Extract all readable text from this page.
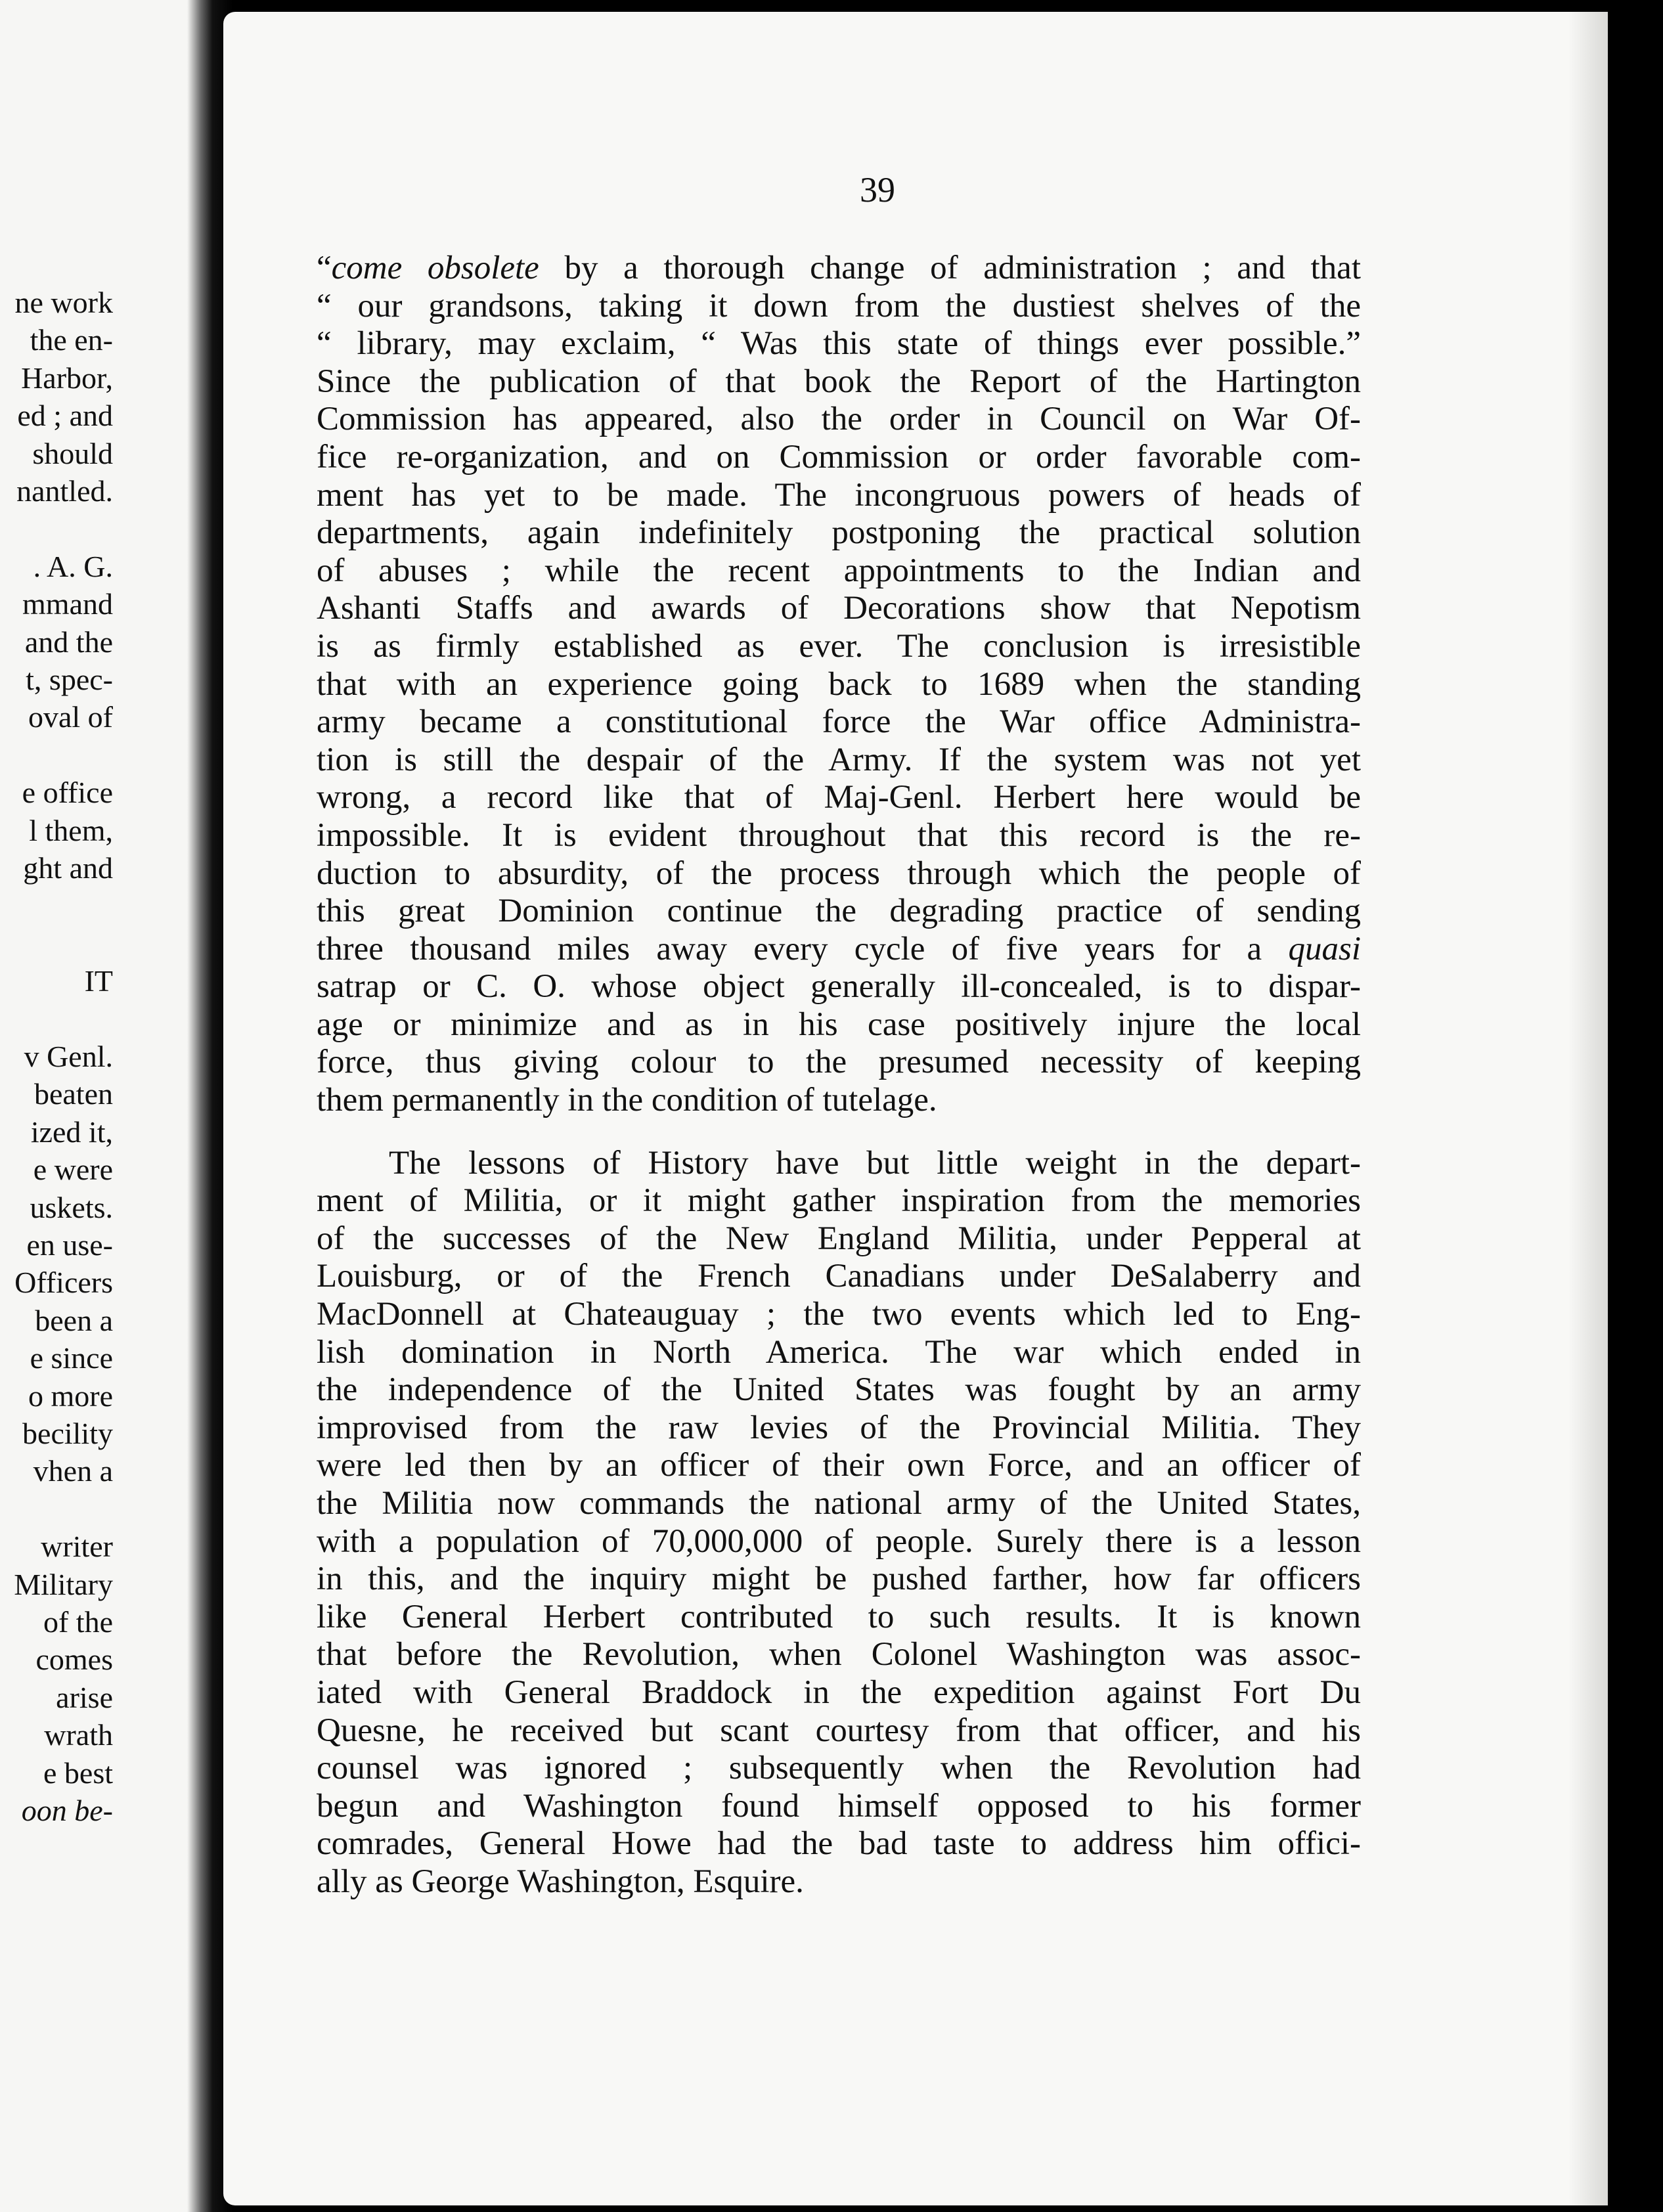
ne work
the en-
Harbor,
ed ; and
should
nantled.
. A. G.
mmand
and the
t, spec-
oval of
e office
l them,
ght and
IT
v Genl.
beaten
ized it,
e were
uskets.
en use-
Officers
been a
e since
o more
becility
vhen a
writer
Military
of the
comes
arise
wrath
e best
oon be-
39
“come obsolete by a thorough change of administration ; and that
“ our grandsons, taking it down from the dustiest shelves of the
“ library, may exclaim, “ Was this state of things ever possible.”
Since the publication of that book the Report of the Hartington
Commission has appeared, also the order in Council on War Of-
fice re-organization, and on Commission or order favorable com-
ment has yet to be made. The incongruous powers of heads of
departments, again indefinitely postponing the practical solution
of abuses ; while the recent appointments to the Indian and
Ashanti Staffs and awards of Decorations show that Nepotism
is as firmly established as ever. The conclusion is irresistible
that with an experience going back to 1689 when the standing
army became a constitutional force the War office Administra-
tion is still the despair of the Army. If the system was not yet
wrong, a record like that of Maj-Genl. Herbert here would be
impossible. It is evident throughout that this record is the re-
duction to absurdity, of the process through which the people of
this great Dominion continue the degrading practice of sending
three thousand miles away every cycle of five years for a quasi
satrap or C. O. whose object generally ill-concealed, is to dispar-
age or minimize and as in his case positively injure the local
force, thus giving colour to the presumed necessity of keeping
them permanently in the condition of tutelage.
The lessons of History have but little weight in the depart-
ment of Militia, or it might gather inspiration from the memories
of the successes of the New England Militia, under Pepperal at
Louisburg, or of the French Canadians under DeSalaberry and
MacDonnell at Chateauguay ; the two events which led to Eng-
lish domination in North America. The war which ended in
the independence of the United States was fought by an army
improvised from the raw levies of the Provincial Militia. They
were led then by an officer of their own Force, and an officer of
the Militia now commands the national army of the United States,
with a population of 70,000,000 of people. Surely there is a lesson
in this, and the inquiry might be pushed farther, how far officers
like General Herbert contributed to such results. It is known
that before the Revolution, when Colonel Washington was assoc-
iated with General Braddock in the expedition against Fort Du
Quesne, he received but scant courtesy from that officer, and his
counsel was ignored ; subsequently when the Revolution had
begun and Washington found himself opposed to his former
comrades, General Howe had the bad taste to address him offici-
ally as George Washington, Esquire.
